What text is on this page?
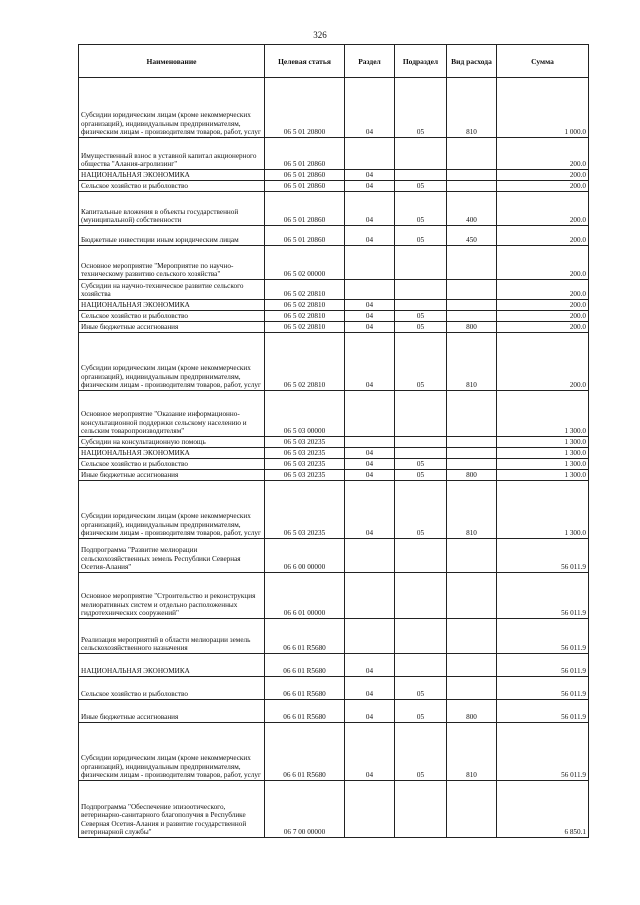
326
Наименование	Целевая статья	Раздел	Подраздел	Вид расхода	Сумма
Субсидии юридическим лицам (кроме некоммерческих организаций), индивидуальным предпринимателям, физическим лицам - производителям товаров, работ, услуг	06 5 01 20800	04	05	810	1 000.0
Имущественный взнос в уставной капитал акционерного общества "Алания-агролизинг"	06 5 01 20860				200.0
НАЦИОНАЛЬНАЯ ЭКОНОМИКА	06 5 01 20860	04			200.0
Сельское хозяйство и рыболовство	06 5 01 20860	04	05		200.0
Капитальные вложения в объекты государственной (муниципальной) собственности	06 5 01 20860	04	05	400	200.0
Бюджетные инвестиции иным юридическим лицам	06 5 01 20860	04	05	450	200.0
Основное мероприятие "Мероприятие по научно-техническому развитию сельского хозяйства"	06 5 02 00000				200.0
Субсидии на научно-техническое развитие сельского хозяйства	06 5 02 20810				200.0
НАЦИОНАЛЬНАЯ ЭКОНОМИКА	06 5 02 20810	04			200.0
Сельское хозяйство и рыболовство	06 5 02 20810	04	05		200.0
Иные бюджетные ассигнования	06 5 02 20810	04	05	800	200.0
Субсидии юридическим лицам (кроме некоммерческих организаций), индивидуальным предпринимателям, физическим лицам - производителям товаров, работ, услуг	06 5 02 20810	04	05	810	200.0
Основное мероприятие "Оказание информационно-консультационной поддержки сельскому населению и сельским товаропроизводителям"	06 5 03 00000				1 300.0
Субсидии на консультационную помощь	06 5 03 20235				1 300.0
НАЦИОНАЛЬНАЯ ЭКОНОМИКА	06 5 03 20235	04			1 300.0
Сельское хозяйство и рыболовство	06 5 03 20235	04	05		1 300.0
Иные бюджетные ассигнования	06 5 03 20235	04	05	800	1 300.0
Субсидии юридическим лицам (кроме некоммерческих организаций), индивидуальным предпринимателям, физическим лицам - производителям товаров, работ, услуг	06 5 03 20235	04	05	810	1 300.0
Подпрограмма "Развитие мелиорации сельскохозяйственных земель Республики Северная Осетия-Алания"	06 6 00 00000				56 011.9
Основное мероприятие "Строительство и реконструкция мелиоративных систем и отдельно расположенных гидротехнических сооружений"	06 6 01 00000				56 011.9
Реализация мероприятий в области мелиорации земель сельскохозяйственного назначения	06 6 01 R5680				56 011.9
НАЦИОНАЛЬНАЯ ЭКОНОМИКА	06 6 01 R5680	04			56 011.9
Сельское хозяйство и рыболовство	06 6 01 R5680	04	05		56 011.9
Иные бюджетные ассигнования	06 6 01 R5680	04	05	800	56 011.9
Субсидии юридическим лицам (кроме некоммерческих организаций), индивидуальным предпринимателям, физическим лицам - производителям товаров, работ, услуг	06 6 01 R5680	04	05	810	56 011.9
Подпрограмма "Обеспечение эпизоотического, ветеринарно-санитарного благополучия в Республике Северная Осетия-Алания и развитие государственной ветеринарной службы"	06 7 00 00000				6 850.1
